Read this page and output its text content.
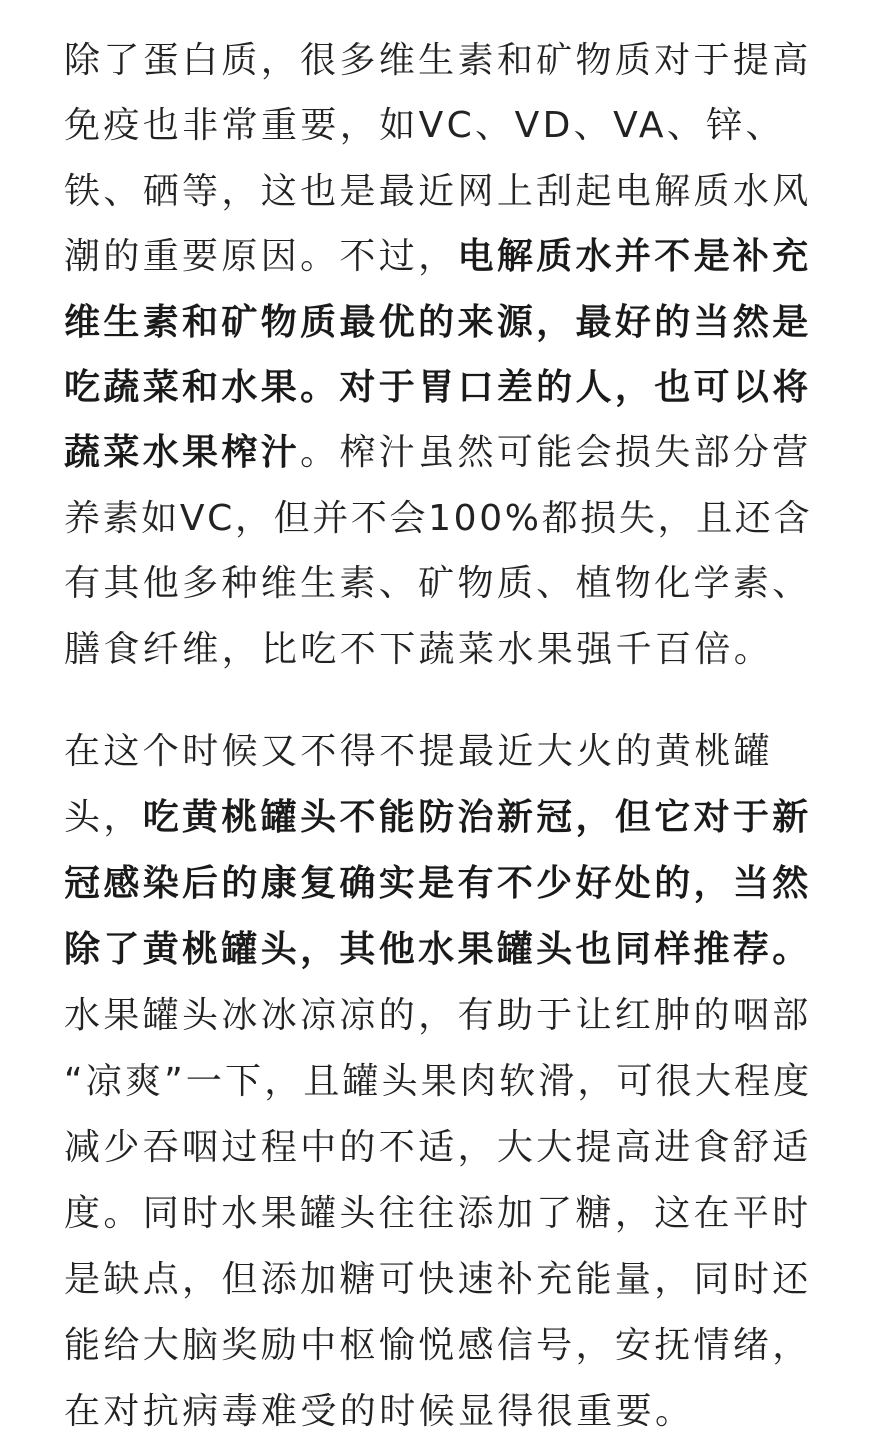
除了蛋白质，很多维生素和矿物质对于提高
免疫也非常重要，如VC、VD、VA、锌、
铁、硒等，这也是最近网上刮起电解质水风
潮的重要原因。不过，电解质水并不是补充
维生素和矿物质最优的来源，最好的当然是
吃蔬菜和水果。对于胃口差的人，也可以将
蔬菜水果榨汁。榨汁虽然可能会损失部分营
养素如VC，但并不会100%都损失，且还含
有其他多种维生素、矿物质、植物化学素、
膳食纤维，比吃不下蔬菜水果强千百倍。
在这个时候又不得不提最近大火的黄桃罐
头，吃黄桃罐头不能防治新冠，但它对于新
冠感染后的康复确实是有不少好处的，当然
除了黄桃罐头，其他水果罐头也同样推荐。
水果罐头冰冰凉凉的，有助于让红肿的咽部
“凉爽”一下，且罐头果肉软滑，可很大程度
减少吞咽过程中的不适，大大提高进食舒适
度。同时水果罐头往往添加了糖，这在平时
是缺点，但添加糖可快速补充能量，同时还
能给大脑奖励中枢愉悦感信号，安抚情绪，
在对抗病毒难受的时候显得很重要。
